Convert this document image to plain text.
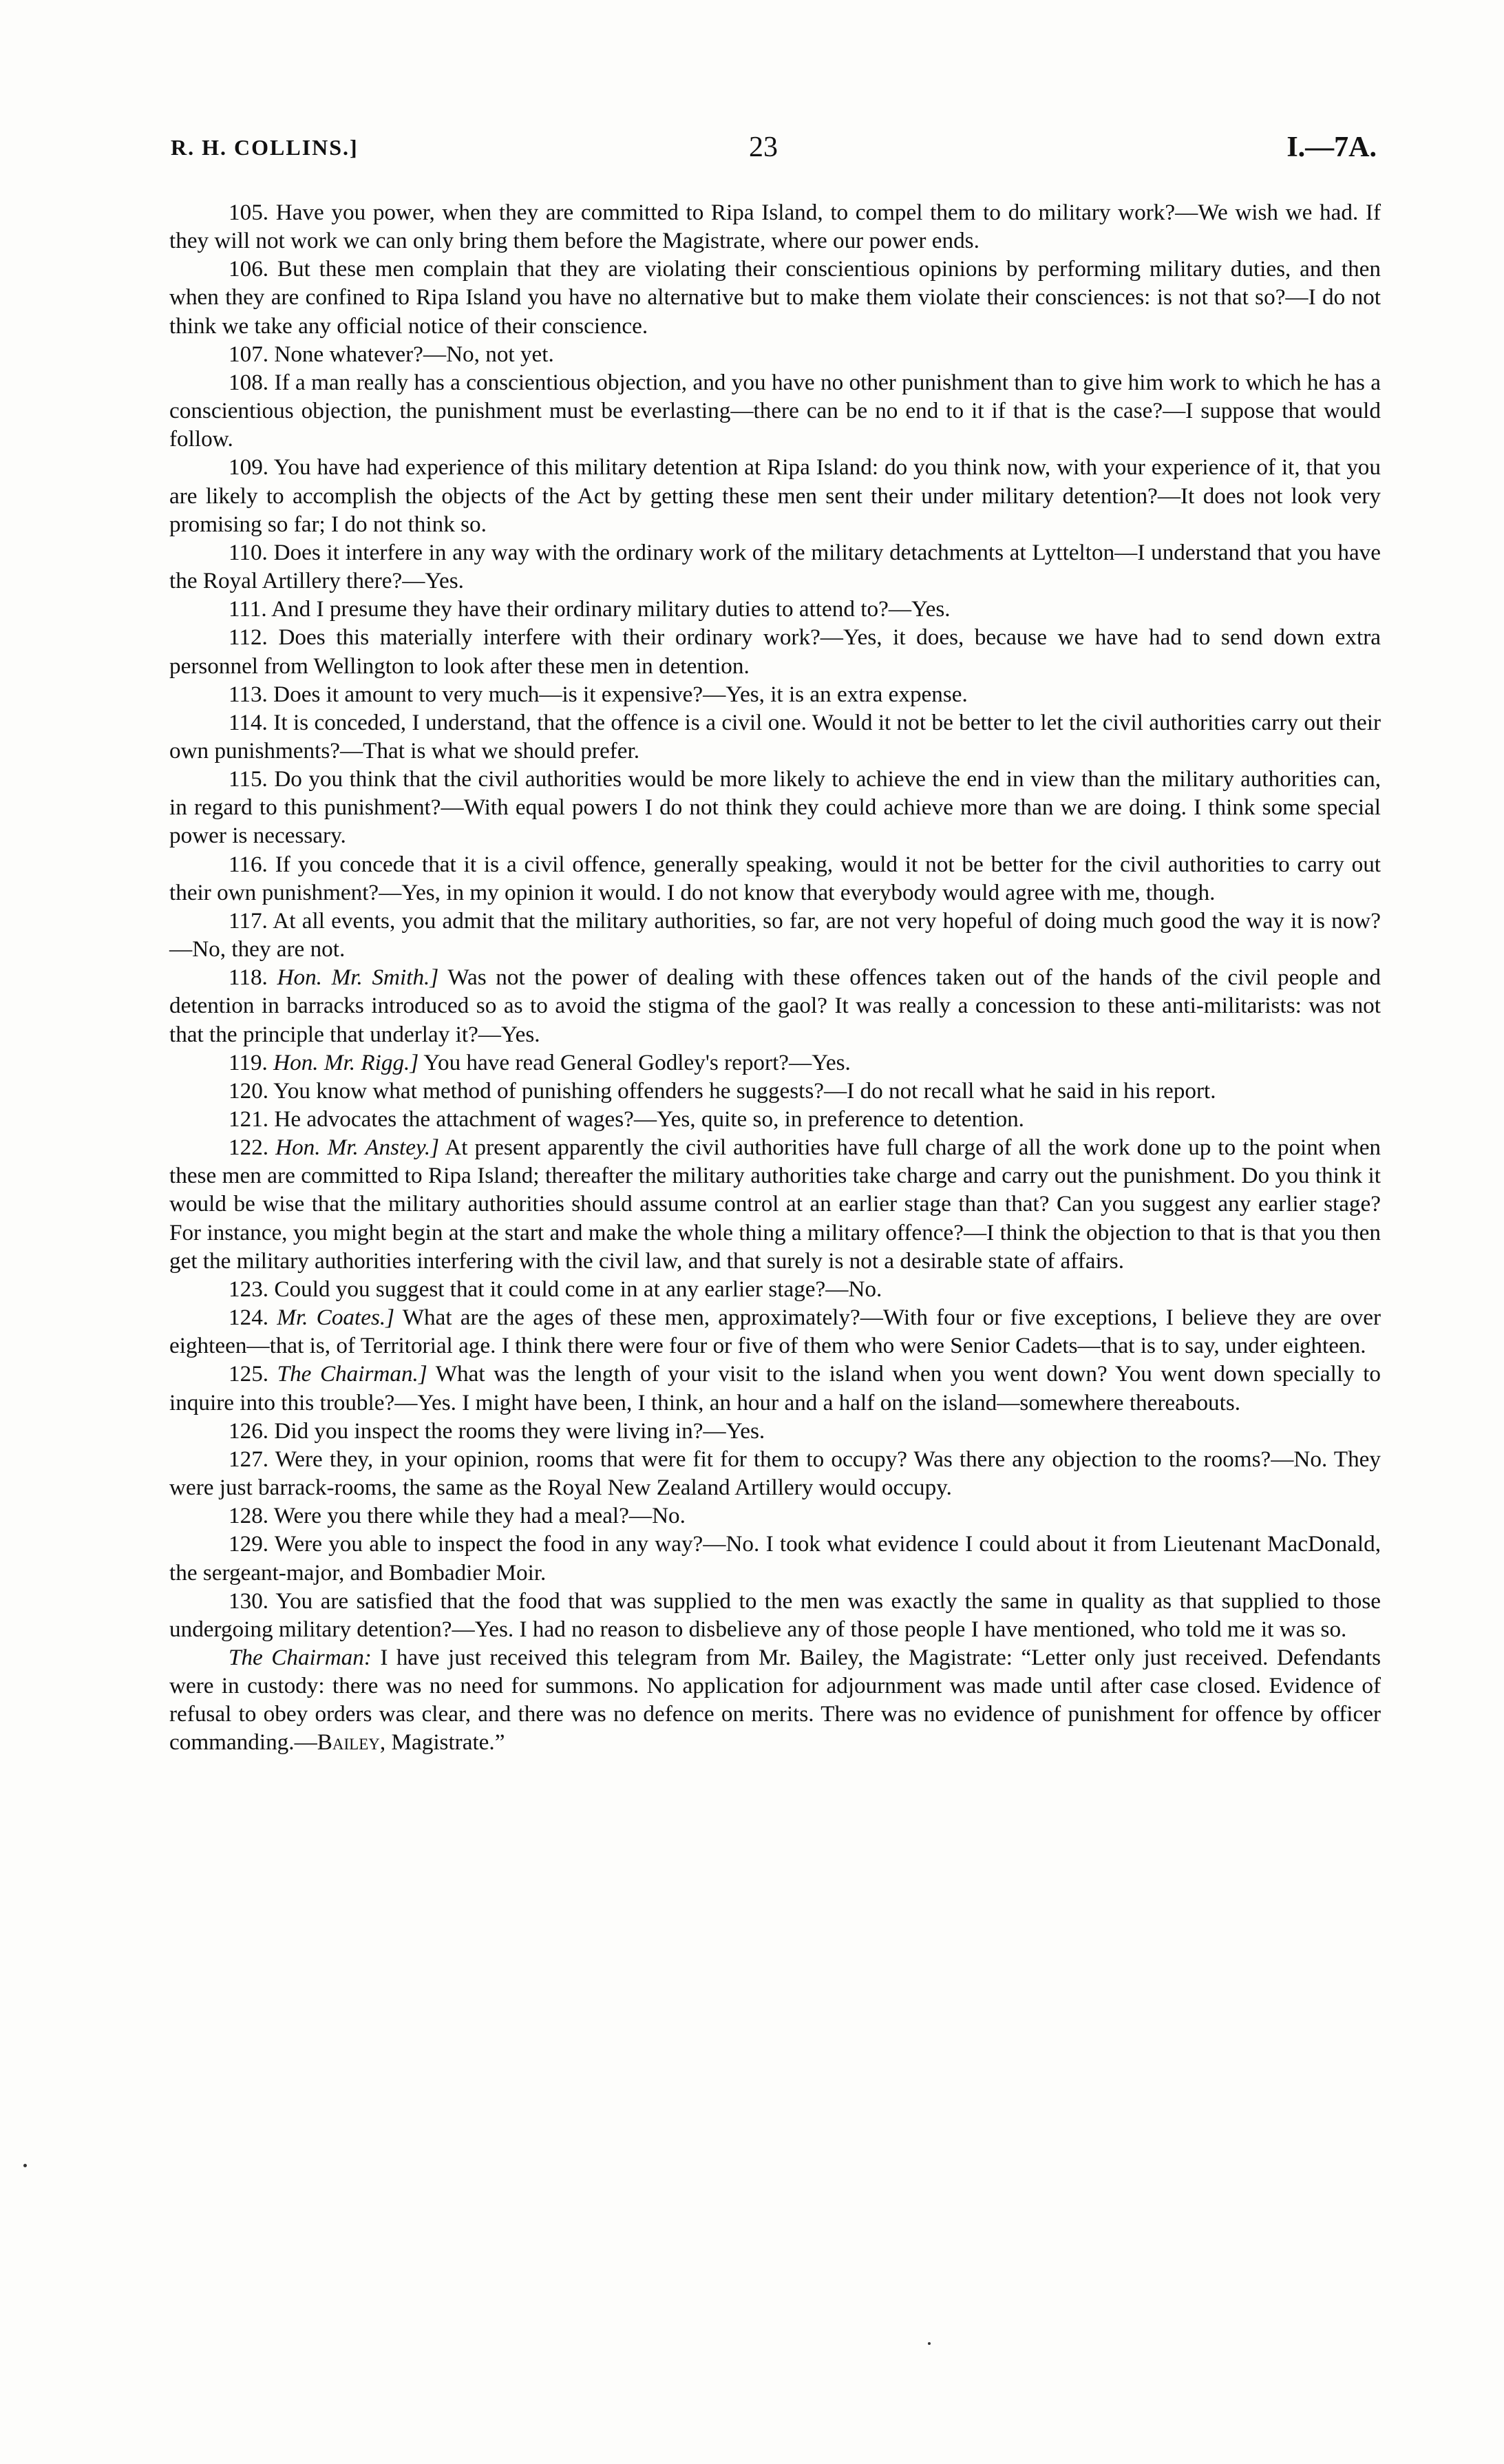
R. H. COLLINS.]	23	I.—7A.

105. Have you power, when they are committed to Ripa Island, to compel them to do military work?—We wish we had. If they will not work we can only bring them before the Magistrate, where our power ends.

106. But these men complain that they are violating their conscientious opinions by performing military duties, and then when they are confined to Ripa Island you have no alternative but to make them violate their consciences: is not that so?—I do not think we take any official notice of their conscience.

107. None whatever?—No, not yet.

108. If a man really has a conscientious objection, and you have no other punishment than to give him work to which he has a conscientious objection, the punishment must be everlasting—there can be no end to it if that is the case?—I suppose that would follow.

109. You have had experience of this military detention at Ripa Island: do you think now, with your experience of it, that you are likely to accomplish the objects of the Act by getting these men sent their under military detention?—It does not look very promising so far; I do not think so.

110. Does it interfere in any way with the ordinary work of the military detachments at Lyttelton—I understand that you have the Royal Artillery there?—Yes.

111. And I presume they have their ordinary military duties to attend to?—Yes.

112. Does this materially interfere with their ordinary work?—Yes, it does, because we have had to send down extra personnel from Wellington to look after these men in detention.

113. Does it amount to very much—is it expensive?—Yes, it is an extra expense.

114. It is conceded, I understand, that the offence is a civil one. Would it not be better to let the civil authorities carry out their own punishments?—That is what we should prefer.

115. Do you think that the civil authorities would be more likely to achieve the end in view than the military authorities can, in regard to this punishment?—With equal powers I do not think they could achieve more than we are doing. I think some special power is necessary.

116. If you concede that it is a civil offence, generally speaking, would it not be better for the civil authorities to carry out their own punishment?—Yes, in my opinion it would. I do not know that everybody would agree with me, though.

117. At all events, you admit that the military authorities, so far, are not very hopeful of doing much good the way it is now?—No, they are not.

118. Hon. Mr. Smith.] Was not the power of dealing with these offences taken out of the hands of the civil people and detention in barracks introduced so as to avoid the stigma of the gaol? It was really a concession to these anti-militarists: was not that the principle that underlay it?—Yes.

119. Hon. Mr. Rigg.] You have read General Godley's report?—Yes.

120. You know what method of punishing offenders he suggests?—I do not recall what he said in his report.

121. He advocates the attachment of wages?—Yes, quite so, in preference to detention.

122. Hon. Mr. Anstey.] At present apparently the civil authorities have full charge of all the work done up to the point when these men are committed to Ripa Island; thereafter the military authorities take charge and carry out the punishment. Do you think it would be wise that the military authorities should assume control at an earlier stage than that? Can you suggest any earlier stage? For instance, you might begin at the start and make the whole thing a military offence?—I think the objection to that is that you then get the military authorities interfering with the civil law, and that surely is not a desirable state of affairs.

123. Could you suggest that it could come in at any earlier stage?—No.

124. Mr. Coates.] What are the ages of these men, approximately?—With four or five exceptions, I believe they are over eighteen—that is, of Territorial age. I think there were four or five of them who were Senior Cadets—that is to say, under eighteen.

125. The Chairman.] What was the length of your visit to the island when you went down? You went down specially to inquire into this trouble?—Yes. I might have been, I think, an hour and a half on the island—somewhere thereabouts.

126. Did you inspect the rooms they were living in?—Yes.

127. Were they, in your opinion, rooms that were fit for them to occupy? Was there any objection to the rooms?—No. They were just barrack-rooms, the same as the Royal New Zealand Artillery would occupy.

128. Were you there while they had a meal?—No.

129. Were you able to inspect the food in any way?—No. I took what evidence I could about it from Lieutenant MacDonald, the sergeant-major, and Bombadier Moir.

130. You are satisfied that the food that was supplied to the men was exactly the same in quality as that supplied to those undergoing military detention?—Yes. I had no reason to disbelieve any of those people I have mentioned, who told me it was so.

The Chairman: I have just received this telegram from Mr. Bailey, the Magistrate: “Letter only just received. Defendants were in custody: there was no need for summons. No application for adjournment was made until after case closed. Evidence of refusal to obey orders was clear, and there was no defence on merits. There was no evidence of punishment for offence by officer commanding.—Bailey, Magistrate.”
